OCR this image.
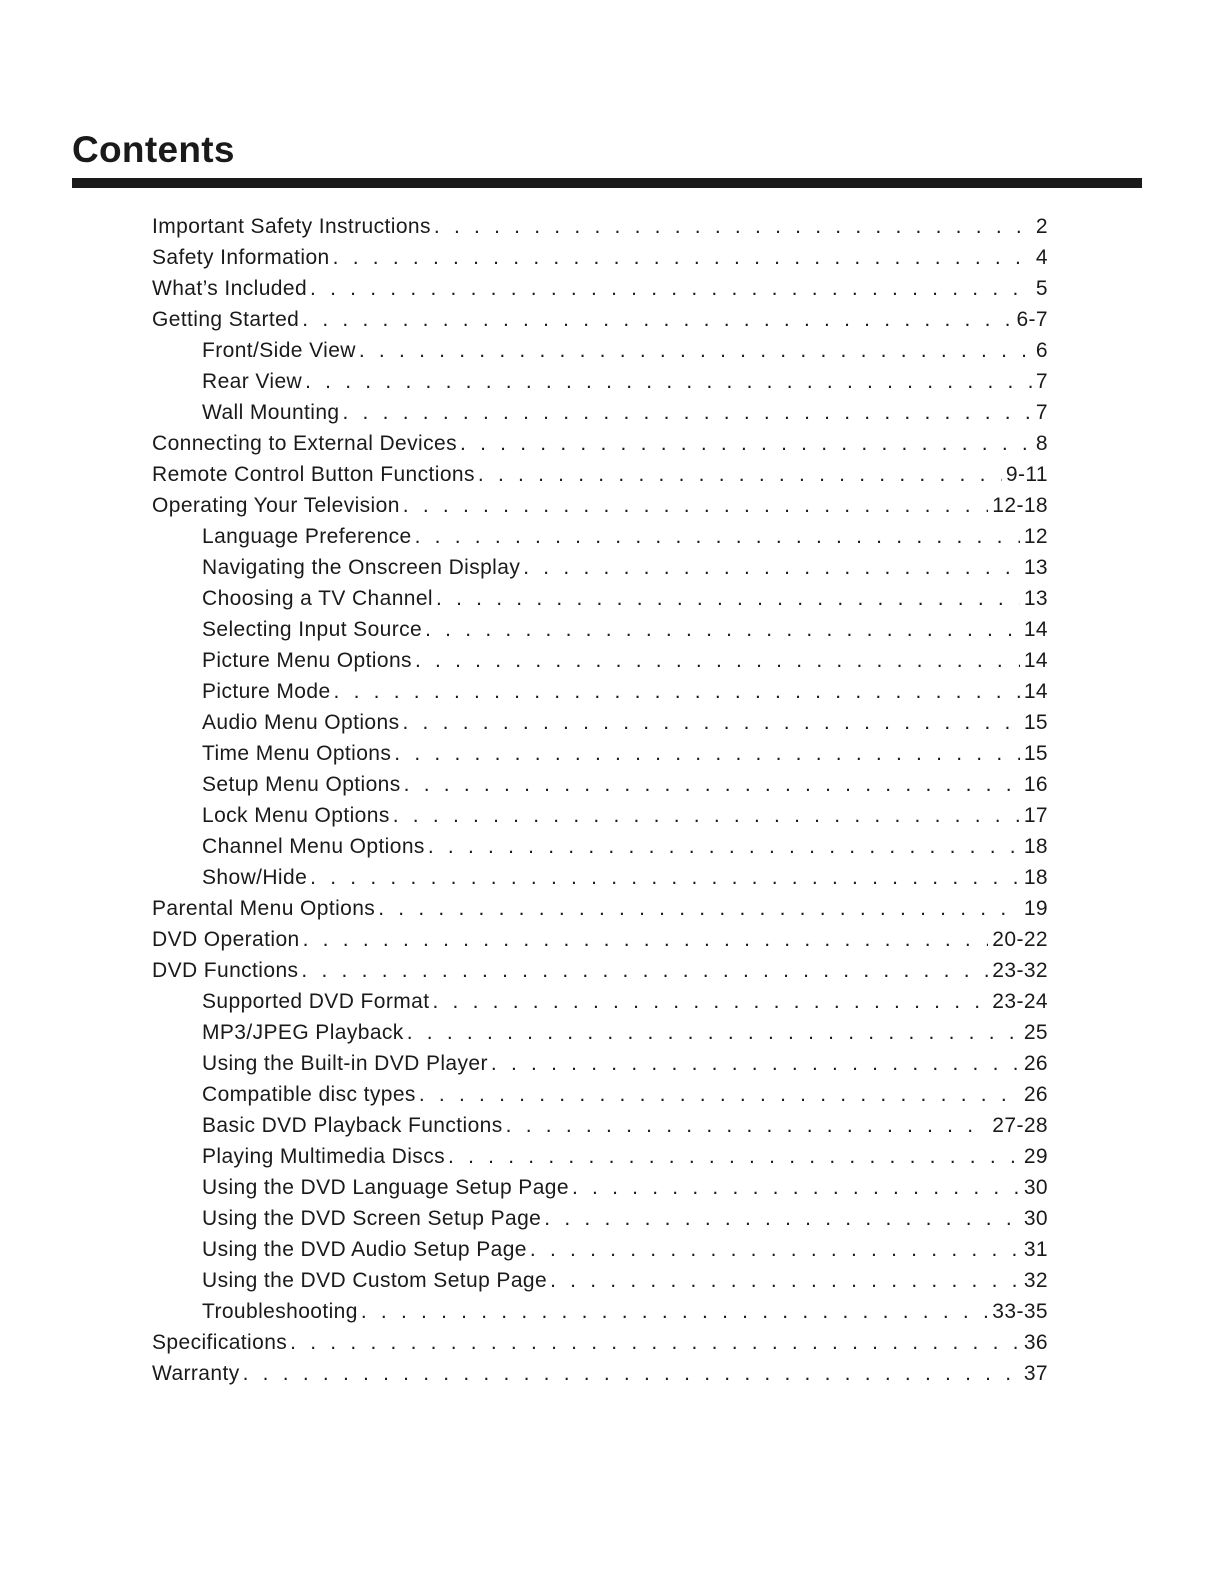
Contents
Important Safety Instructions . . .	2
Safety Information . . .	4
What’s Included . . .	5
Getting Started . . .	6-7
Front/Side View . . .	6
Rear View . . .	7
Wall Mounting . . .	7
Connecting to External Devices . . .	8
Remote Control Button Functions . . .	9-11
Operating Your Television . . .	12-18
Language Preference . . .	12
Navigating the Onscreen Display . . .	13
Choosing a TV Channel . . .	13
Selecting Input Source . . .	14
Picture Menu Options . . .	14
Picture Mode . . .	14
Audio Menu Options . . .	15
Time Menu Options . . .	15
Setup Menu Options . . .	16
Lock Menu Options . . .	17
Channel Menu Options . . .	18
Show/Hide . . .	18
Parental Menu Options . . .	19
DVD Operation . . .	20-22
DVD Functions . . .	23-32
Supported DVD Format . . .	23-24
MP3/JPEG Playback . . .	25
Using the Built-in DVD Player . . .	26
Compatible disc types . . .	26
Basic DVD Playback Functions . . .	27-28
Playing Multimedia Discs . . .	29
Using the DVD Language Setup Page . . .	30
Using the DVD Screen Setup Page . . .	30
Using the DVD Audio Setup Page . . .	31
Using the DVD Custom Setup Page . . .	32
Troubleshooting . . .	33-35
Specifications . . .	36
Warranty . . .	37
